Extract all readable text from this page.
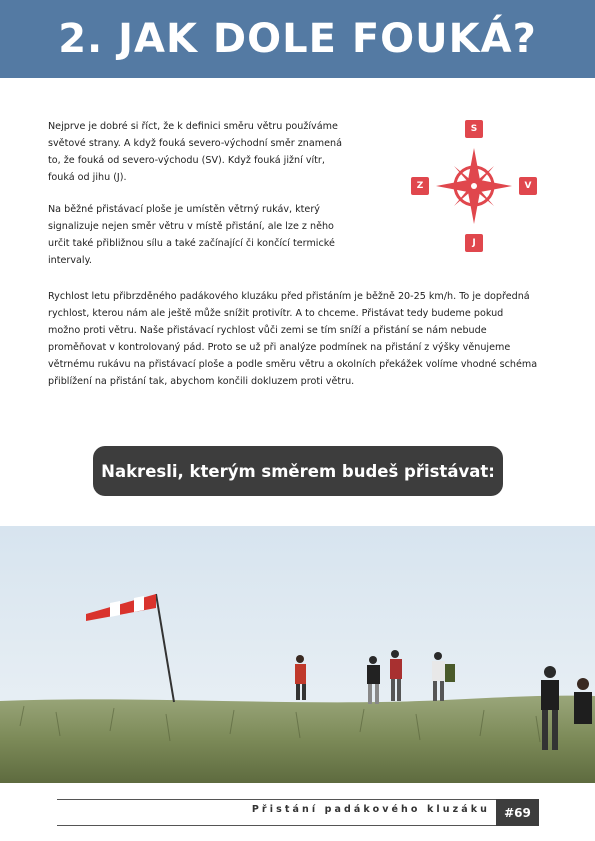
2. JAK DOLE FOUKÁ?

Nejprve je dobré si říct, že k definici směru větru používáme světové strany. A když fouká severo-východní směr znamená to, že fouká od severo-východu (SV). Když fouká jižní vítr, fouká od jihu (J).

Na běžné přistávací ploše je umístěn větrný rukáv, který signalizuje nejen směr větru v místě přistání, ale lze z něho určit také přibližnou sílu a také začínající či končící termické intervaly.

Rychlost letu přibrzděného padákového kluzáku před přistáním je běžně 20-25 km/h. To je dopředná rychlost, kterou nám ale ještě může snížit protivítr. A to chceme. Přistávat tedy budeme pokud možno proti větru. Naše přistávací rychlost vůči zemi se tím sníží a přistání se nám nebude proměňovat v kontrolovaný pád. Proto se už při analýze podmínek na přistání z výšky věnujeme větrnému rukávu na přistávací ploše a podle směru větru a okolních překážek volíme vhodné schéma přiblížení na přistání tak, abychom končili dokluzem proti větru.

S
Z	V
J
Nakresli, kterým směrem budeš přistávat:
Přistání padákového kluzáku	#69
